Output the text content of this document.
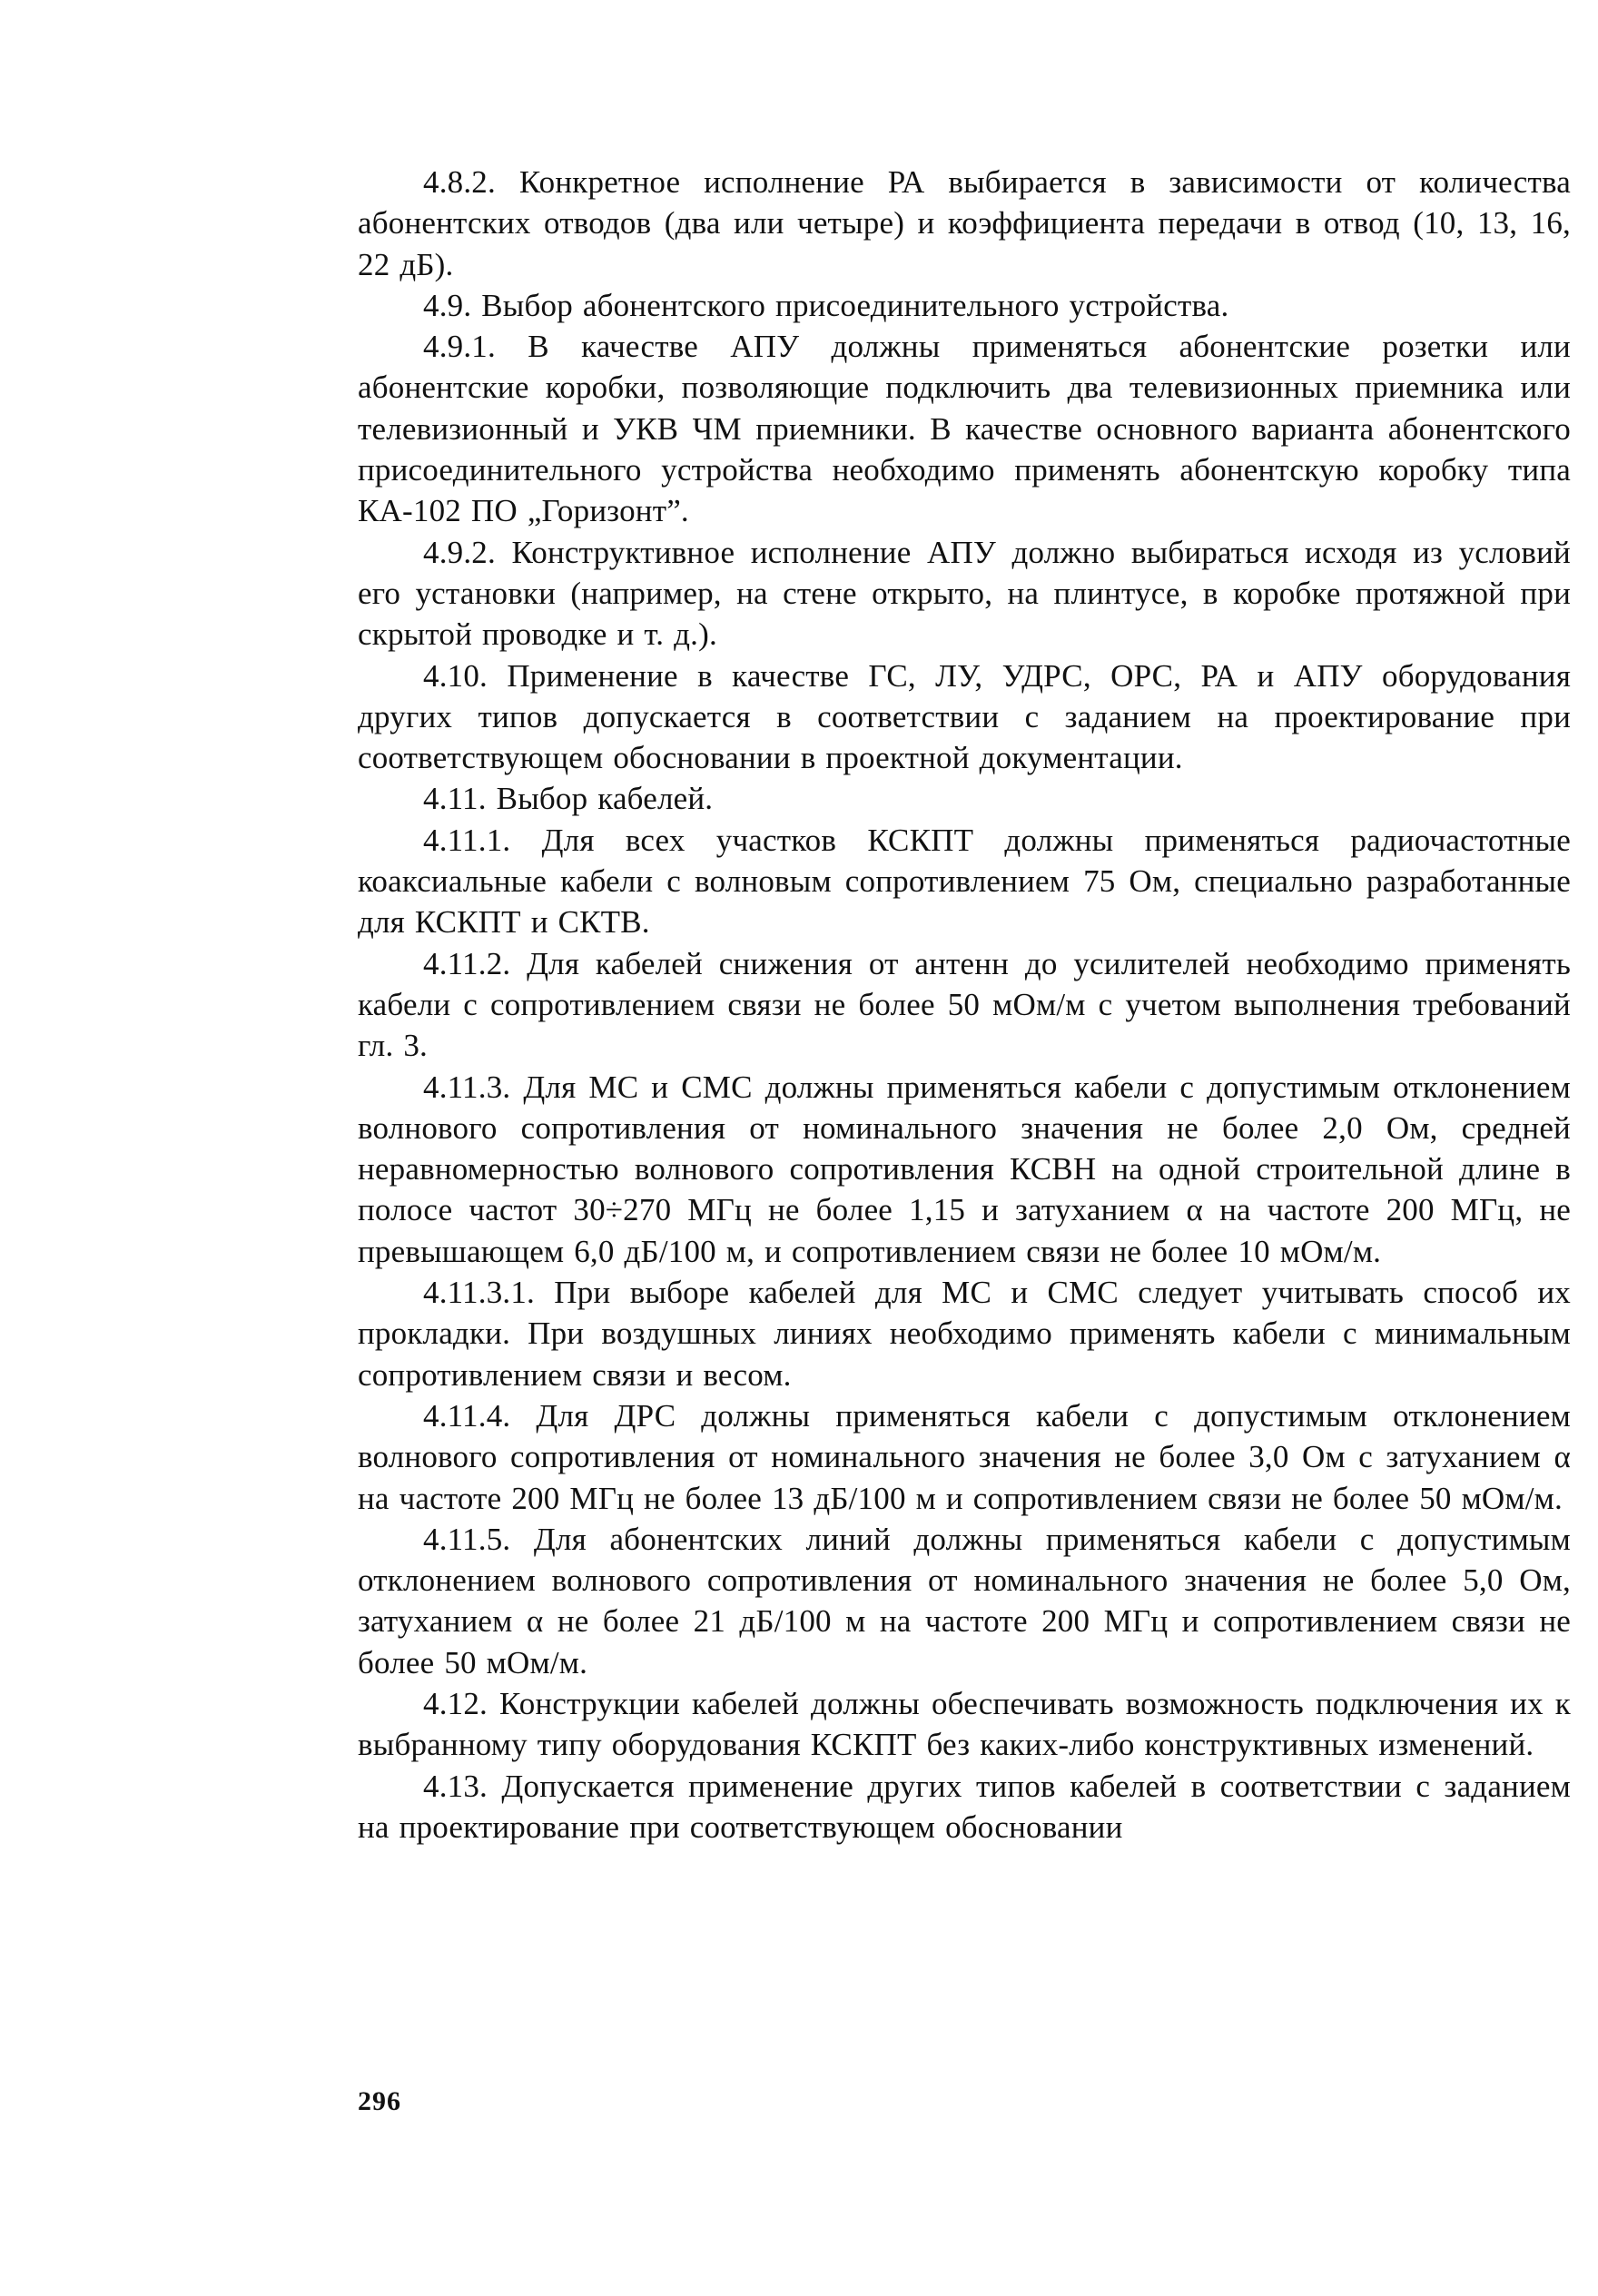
4.8.2. Конкретное исполнение РА выбирается в зависимости от количества абонентских отводов (два или четыре) и коэффициента передачи в отвод (10, 13, 16, 22 дБ).

4.9. Выбор абонентского присоединительного устройства.

4.9.1. В качестве АПУ должны применяться абонентские розетки или абонентские коробки, позволяющие подключить два телевизионных приемника или телевизионный и УКВ ЧМ приемники. В качестве основного варианта абонентского присоединительного устройства необходимо применять абонентскую коробку типа КА-102 ПО „Горизонт”.

4.9.2. Конструктивное исполнение АПУ должно выбираться исходя из условий его установки (например, на стене открыто, на плинтусе, в коробке протяжной при скрытой проводке и т. д.).

4.10. Применение в качестве ГС, ЛУ, УДРС, ОРС, РА и АПУ оборудования других типов допускается в соответствии с заданием на проектирование при соответствующем обосновании в проектной документации.

4.11. Выбор кабелей.

4.11.1. Для всех участков КСКПТ должны применяться радиочастотные коаксиальные кабели с волновым сопротивлением 75 Ом, специально разработанные для КСКПТ и СКТВ.

4.11.2. Для кабелей снижения от антенн до усилителей необходимо применять кабели с сопротивлением связи не более 50 мОм/м с учетом выполнения требований гл. 3.

4.11.3. Для МС и СМС должны применяться кабели с допустимым отклонением волнового сопротивления от номинального значения не более 2,0 Ом, средней неравномерностью волнового сопротивления КСВН на одной строительной длине в полосе частот 30÷270 МГц не более 1,15 и затуханием α на частоте 200 МГц, не превышающем 6,0 дБ/100 м, и сопротивлением связи не более 10 мОм/м.

4.11.3.1. При выборе кабелей для МС и СМС следует учитывать способ их прокладки. При воздушных линиях необходимо применять кабели с минимальным сопротивлением связи и весом.

4.11.4. Для ДРС должны применяться кабели с допустимым отклонением волнового сопротивления от номинального значения не более 3,0 Ом с затуханием α на частоте 200 МГц не более 13 дБ/100 м и сопротивлением связи не более 50 мОм/м.

4.11.5. Для абонентских линий должны применяться кабели с допустимым отклонением волнового сопротивления от номинального значения не более 5,0 Ом, затуханием α не более 21 дБ/100 м на частоте 200 МГц и сопротивлением связи не более 50 мОм/м.

4.12. Конструкции кабелей должны обеспечивать возможность подключения их к выбранному типу оборудования КСКПТ без каких-либо конструктивных изменений.

4.13. Допускается применение других типов кабелей в соответствии с заданием на проектирование при соответствующем обосновании

296
